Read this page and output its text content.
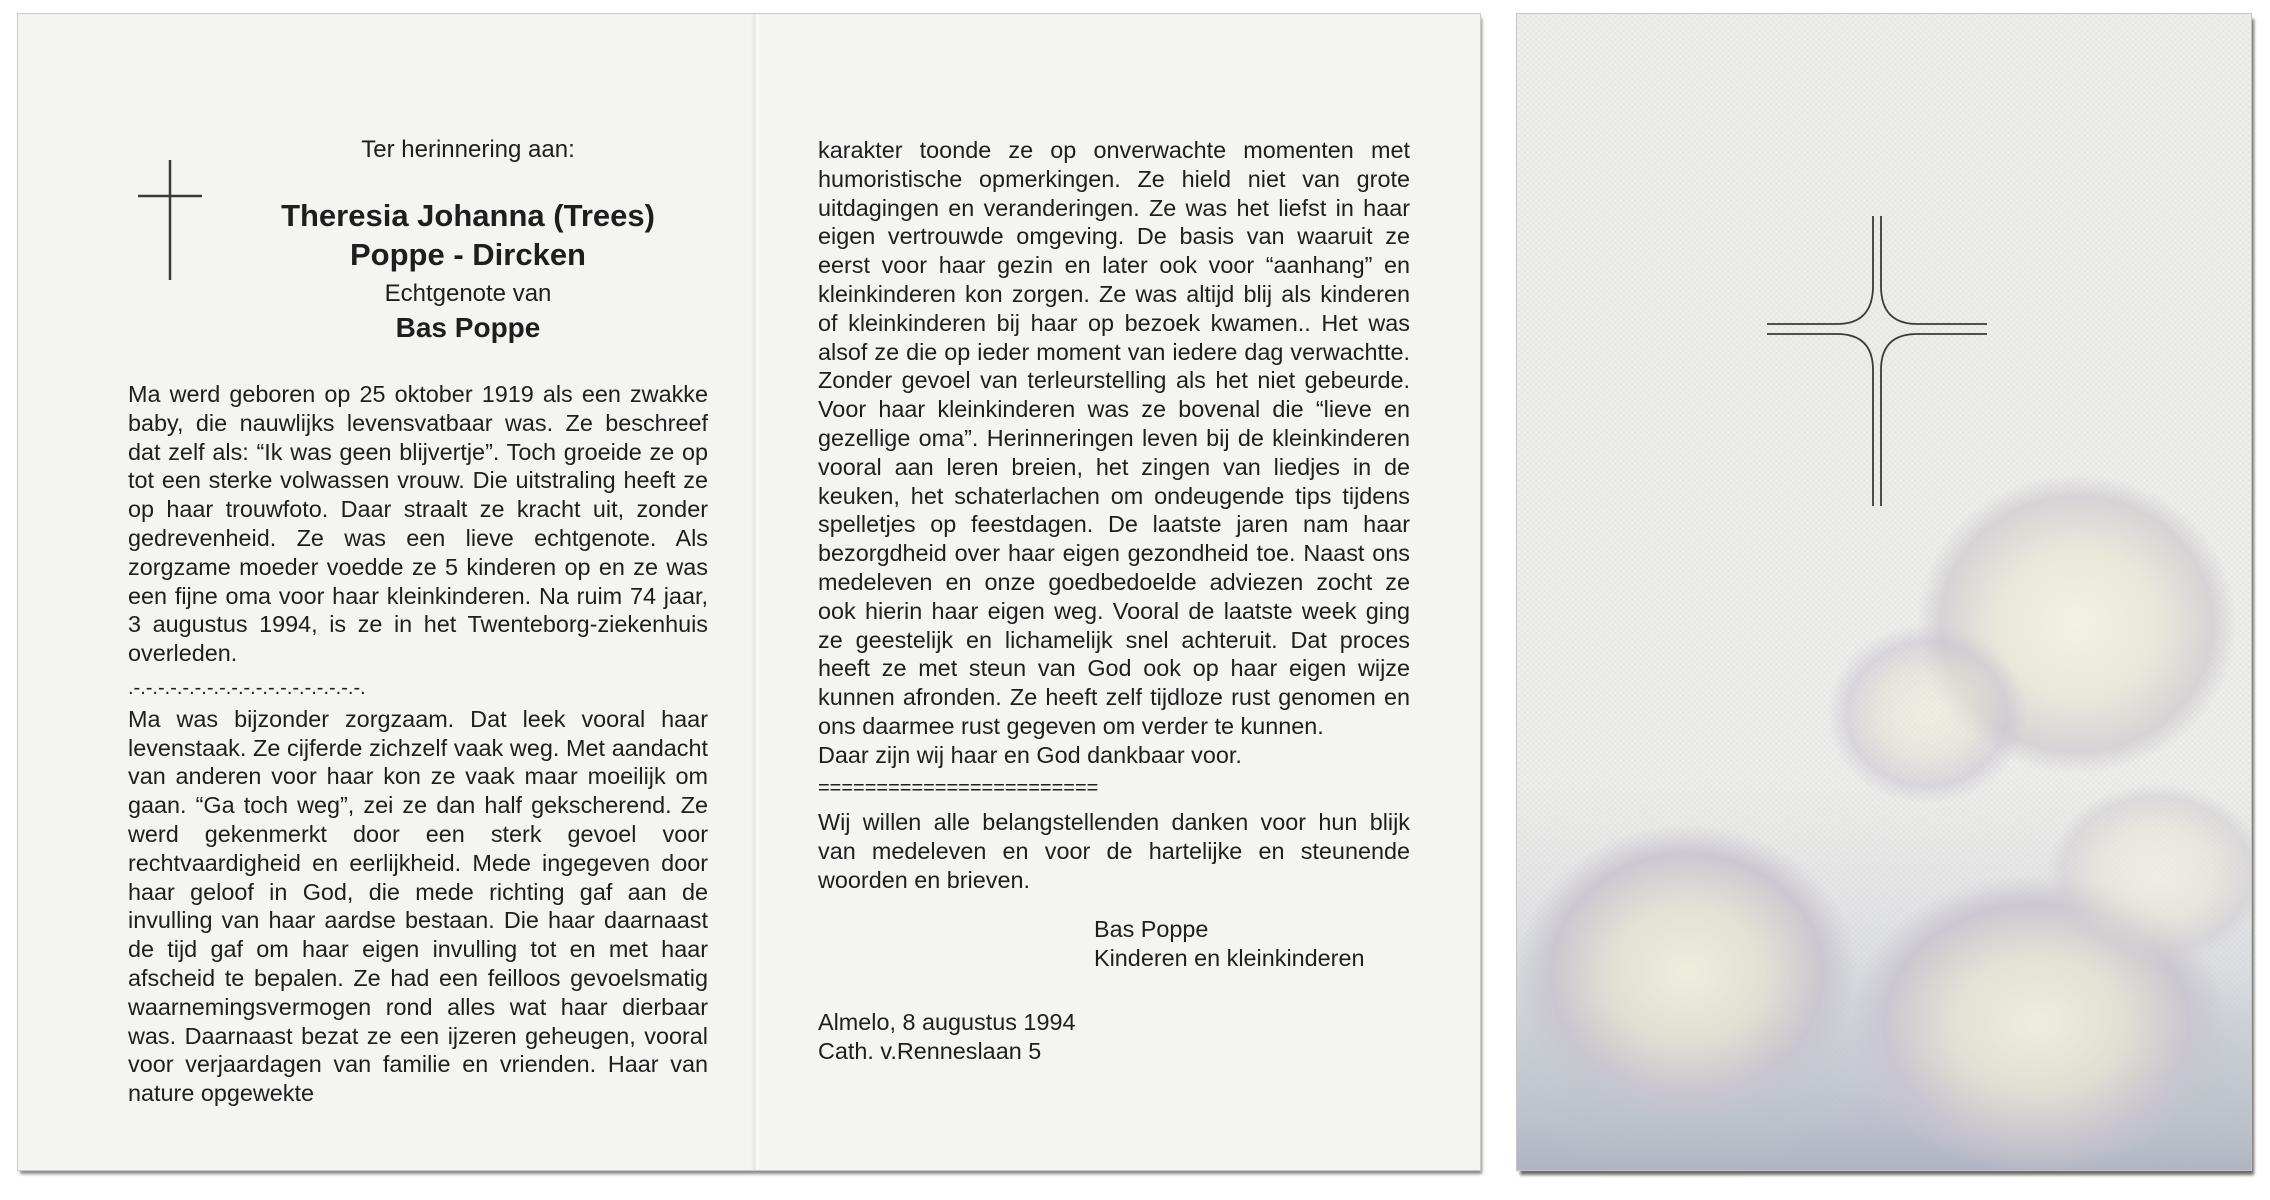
Ter herinnering aan:
Theresia Johanna (Trees)
Poppe - Dircken
Echtgenote van
Bas Poppe

Ma werd geboren op 25 oktober 1919 als een zwakke baby, die nauwlijks levensvatbaar was. Ze beschreef dat zelf als: “Ik was geen blijvertje”. Toch groeide ze op tot een sterke volwassen vrouw. Die uitstraling heeft ze op haar trouwfoto. Daar straalt ze kracht uit, zonder gedrevenheid. Ze was een lieve echtgenote. Als zorgzame moeder voedde ze 5 kinderen op en ze was een fijne oma voor haar kleinkinderen. Na ruim 74 jaar, 3 augustus 1994, is ze in het Twenteborg-ziekenhuis overleden.

.-.-.-.-.-.-.-.-.-.-.-.-.-.-.-.-.-.-.-.

Ma was bijzonder zorgzaam. Dat leek vooral haar levenstaak. Ze cijferde zichzelf vaak weg. Met aandacht van anderen voor haar kon ze vaak maar moeilijk om gaan. “Ga toch weg”, zei ze dan half gekscherend. Ze werd gekenmerkt door een sterk gevoel voor rechtvaardigheid en eerlijkheid. Mede ingegeven door haar geloof in God, die mede richting gaf aan de invulling van haar aardse bestaan. Die haar daarnaast de tijd gaf om haar eigen invulling tot en met haar afscheid te bepalen. Ze had een feilloos gevoelsmatig waarnemingsvermogen rond alles wat haar dierbaar was. Daarnaast bezat ze een ijzeren geheugen, vooral voor verjaardagen van familie en vrienden. Haar van nature opgewekte

karakter toonde ze op onverwachte momenten met humoristische opmerkingen. Ze hield niet van grote uitdagingen en veranderingen. Ze was het liefst in haar eigen vertrouwde omgeving. De basis van waaruit ze eerst voor haar gezin en later ook voor “aanhang” en kleinkinderen kon zorgen. Ze was altijd blij als kinderen of kleinkinderen bij haar op bezoek kwamen.. Het was alsof ze die op ieder moment van iedere dag verwachtte. Zonder gevoel van terleurstelling als het niet gebeurde. Voor haar kleinkinderen was ze bovenal die “lieve en gezellige oma”. Herinneringen leven bij de kleinkinderen vooral aan leren breien, het zingen van liedjes in de keuken, het schaterlachen om ondeugende tips tijdens spelletjes op feestdagen. De laatste jaren nam haar bezorgdheid over haar eigen gezondheid toe. Naast ons medeleven en onze goedbedoelde adviezen zocht ze ook hierin haar eigen weg. Vooral de laatste week ging ze geestelijk en lichamelijk snel achteruit. Dat proces heeft ze met steun van God ook op haar eigen wijze kunnen afronden. Ze heeft zelf tijdloze rust genomen en ons daarmee rust gegeven om verder te kunnen.

Daar zijn wij haar en God dankbaar voor.

========================

Wij willen alle belangstellenden danken voor hun blijk van medeleven en voor de hartelijke en steunende woorden en brieven.

Bas Poppe
Kinderen en kleinkinderen
Almelo, 8 augustus 1994
Cath. v.Renneslaan 5
